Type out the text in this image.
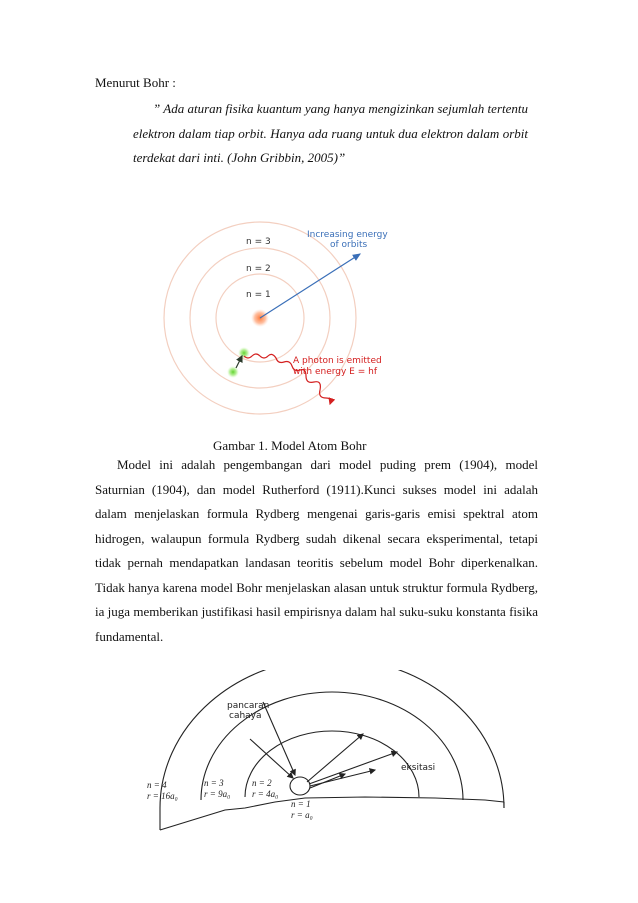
Menurut Bohr :
” Ada aturan fisika kuantum yang hanya mengizinkan sejumlah tertentu elektron dalam tiap orbit. Hanya ada ruang untuk dua elektron dalam orbit terdekat dari inti. (John Gribbin, 2005)”
n = 3
n = 2
n = 1
Increasing energy
of orbits
A photon is emitted
with energy E = hf
Gambar 1. Model Atom Bohr

Model ini adalah pengembangan dari model puding prem (1904), model Saturnian (1904), dan model Rutherford (1911).Kunci sukses model ini adalah dalam menjelaskan formula Rydberg mengenai garis-garis emisi spektral atom hidrogen, walaupun formula Rydberg sudah dikenal secara eksperimental, tetapi tidak pernah mendapatkan landasan teoritis sebelum model Bohr diperkenalkan. Tidak hanya karena model Bohr menjelaskan alasan untuk struktur formula Rydberg, ia juga memberikan justifikasi hasil empirisnya dalam hal suku-suku konstanta fisika fundamental.

pancaran
cahaya
eksitasi
n = 4
r = 16a₀
n = 3
r = 9a₀
n = 2
r = 4a₀
n = 1
r = a₀
